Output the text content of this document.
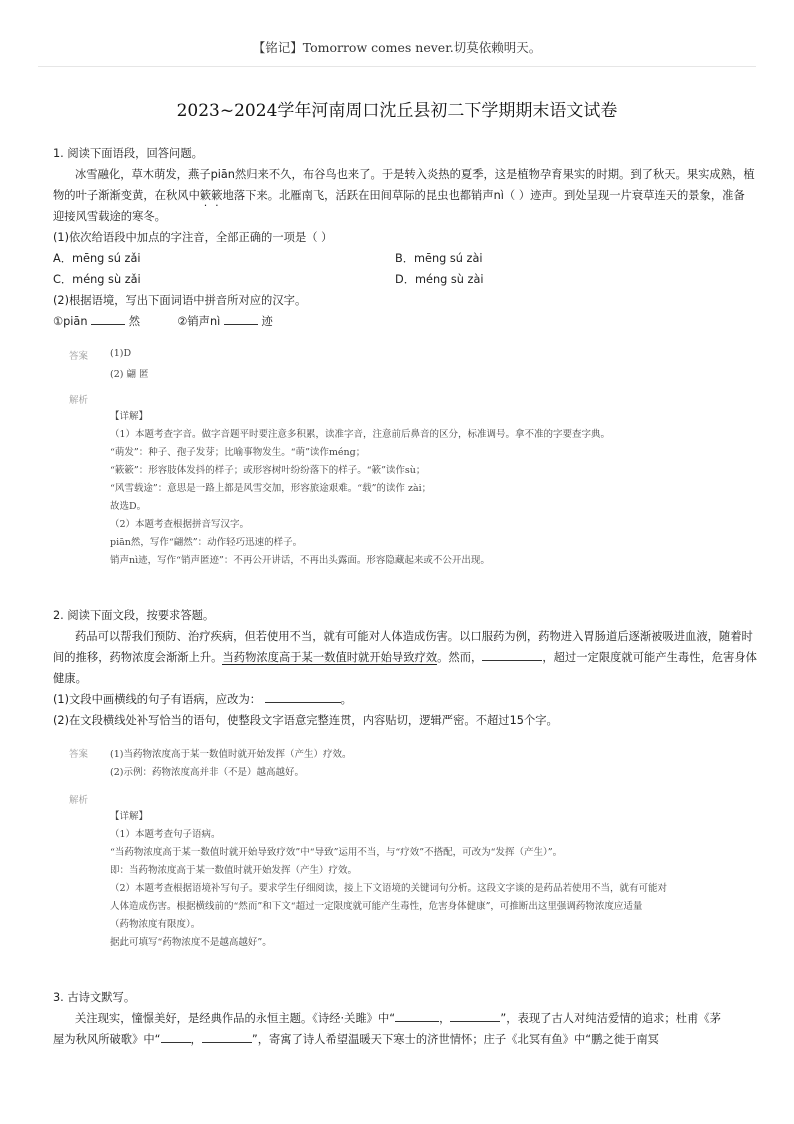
【铭记】Tomorrow comes never.切莫依赖明天。
2023~2024学年河南周口沈丘县初二下学期期末语文试卷
1. 阅读下面语段，回答问题。
冰雪融化，草木萌发，燕子piān然归来不久，布谷鸟也来了。于是转入炎热的夏季，这是植物孕育果实的时期。到了秋天。果实成熟，植
物的叶子渐渐变黄，在秋风中簌簌地落下来。北雁南飞，活跃在田间草际的昆虫也都销声nì（ ）迹声。到处呈现一片衰草连天的景象，准备
迎接风雪载途的寒冬。
(1)依次给语段中加点的字注音，全部正确的一项是（ ）
A．mēng sú zǎi	B．mēng sú zài
C．méng sù zǎi	D．méng sù zài
(2)根据语境，写出下面词语中拼音所对应的汉字。
①piān	然	②销声nì	迹
答案 (1)D
(2) 翩 匿
解析
【详解】
（1）本题考查字音。做字音题平时要注意多积累，读准字音，注意前后鼻音的区分，标准调号。拿不准的字要查字典。
“萌发”：种子、孢子发芽；比喻事物发生。“萌”读作méng；
“簌簌”：形容肢体发抖的样子；或形容树叶纷纷落下的样子。“簌”读作sù；
“风雪载途”：意思是一路上都是风雪交加，形容旅途艰难。“载”的读作 zài；
故选D。
（2）本题考查根据拼音写汉字。
piān然，写作“翩然”：动作轻巧迅速的样子。
销声nì迹，写作“销声匿迹”：不再公开讲话，不再出头露面。形容隐藏起来或不公开出现。
2. 阅读下面文段，按要求答题。
药品可以帮我们预防、治疗疾病，但若使用不当，就有可能对人体造成伤害。以口服药为例，药物进入胃肠道后逐渐被吸进血液，随着时
间的推移，药物浓度会渐渐上升。当药物浓度高于某一数值时就开始导致疗效。然而，	，超过一定限度就可能产生毒性，危害身体
健康。
(1)文段中画横线的句子有语病，应改为：	。
(2)在文段横线处补写恰当的语句，使整段文字语意完整连贯，内容贴切，逻辑严密。不超过15个字。
答案 (1)当药物浓度高于某一数值时就开始发挥（产生）疗效。
(2)示例：药物浓度高并非（不是）越高越好。
解析
【详解】
（1）本题考查句子语病。
“当药物浓度高于某一数值时就开始导致疗效”中“导致”运用不当，与“疗效”不搭配，可改为“发挥（产生）”。
即：当药物浓度高于某一数值时就开始发挥（产生）疗效。
（2）本题考查根据语境补写句子。要求学生仔细阅读，接上下文语境的关键词句分析。这段文字谈的是药品若使用不当，就有可能对
人体造成伤害。根据横线前的“然而”和下文“超过一定限度就可能产生毒性，危害身体健康”，可推断出这里强调药物浓度应适量
（药物浓度有限度）。
据此可填写“药物浓度不是越高越好”。
3. 古诗文默写。
关注现实，憧憬美好，是经典作品的永恒主题。《诗经·关雎》中“	，	”，表现了古人对纯洁爱情的追求；杜甫《茅
屋为秋风所破歌》中“	，	”，寄寓了诗人希望温暖天下寒士的济世情怀；庄子《北冥有鱼》中“鹏之徙于南冥
